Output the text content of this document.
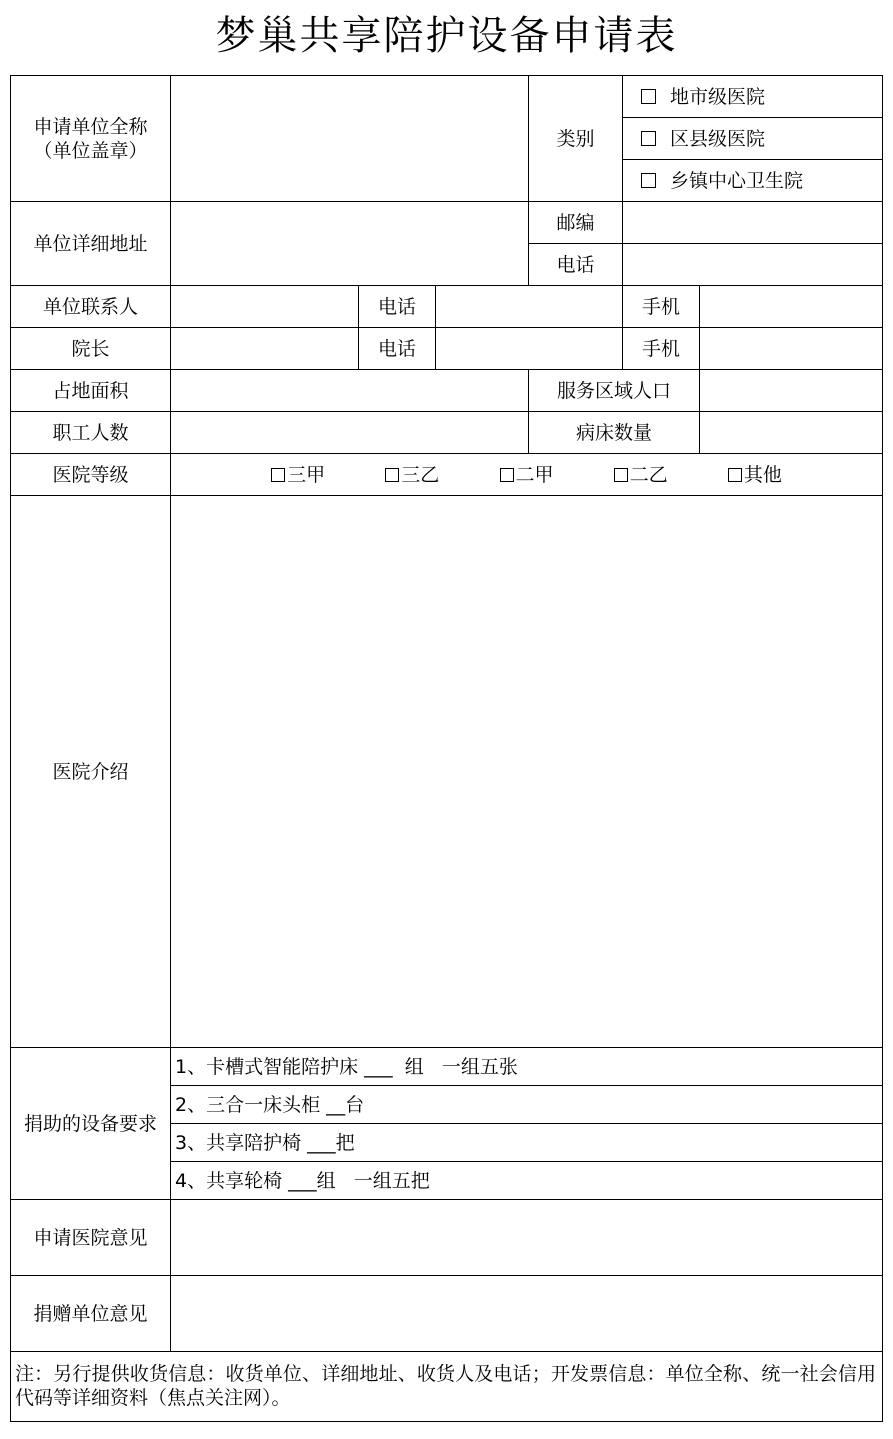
梦巢共享陪护设备申请表
申请单位全称
（单位盖章）				类别	地市级医院	
					区县级医院	
					乡镇中心卫生院	
单位详细地址				邮编		
				电话		
单位联系人		电话			手机	
院长		电话			手机	
占地面积				服务区域人口		
职工人数				病床数量		
医院等级	三甲 三乙 二甲 二乙 其他					

医院介绍						
捐助的设备要求	1、卡槽式智能陪护床 ___  组   一组五张					
	2、三合一床头柜 __台					
	3、共享陪护椅 ___把					
	4、共享轮椅 ___组   一组五把					
申请医院意见						
捐赠单位意见						
注：另行提供收货信息：收货单位、详细地址、收货人及电话；开发票信息：单位全称、统一社会信用代码等详细资料（焦点关注网）。						
